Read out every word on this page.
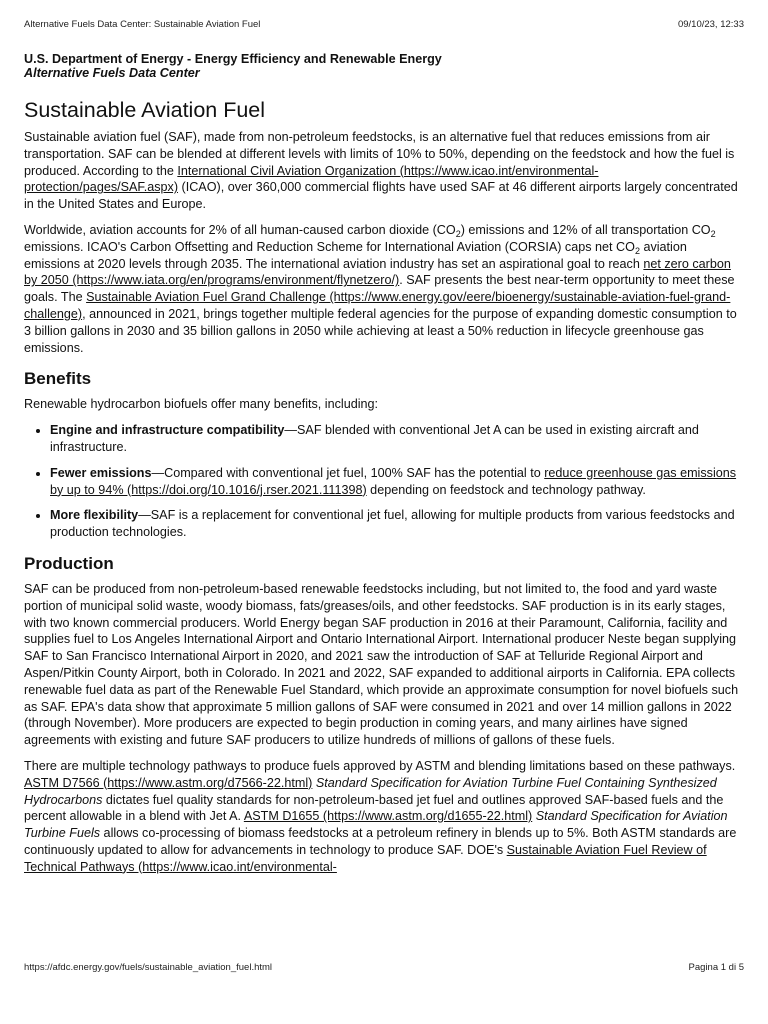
Alternative Fuels Data Center: Sustainable Aviation Fuel	09/10/23, 12:33
U.S. Department of Energy - Energy Efficiency and Renewable Energy
Alternative Fuels Data Center
Sustainable Aviation Fuel

Sustainable aviation fuel (SAF), made from non-petroleum feedstocks, is an alternative fuel that reduces emissions from air transportation. SAF can be blended at different levels with limits of 10% to 50%, depending on the feedstock and how the fuel is produced. According to the International Civil Aviation Organization (https://www.icao.int/environmental-protection/pages/SAF.aspx) (ICAO), over 360,000 commercial flights have used SAF at 46 different airports largely concentrated in the United States and Europe.

Worldwide, aviation accounts for 2% of all human-caused carbon dioxide $(CO_2)$ emissions and 12% of all transportation $CO_2$ emissions. ICAO's Carbon Offsetting and Reduction Scheme for International Aviation (CORSIA) caps net $CO_2$ aviation emissions at 2020 levels through 2035. The international aviation industry has set an aspirational goal to reach net zero carbon by 2050 (https://www.iata.org/en/programs/environment/flynetzero/). SAF presents the best near-term opportunity to meet these goals. The Sustainable Aviation Fuel Grand Challenge (https://www.energy.gov/eere/bioenergy/sustainable-aviation-fuel-grand-challenge), announced in 2021, brings together multiple federal agencies for the purpose of expanding domestic consumption to 3 billion gallons in 2030 and 35 billion gallons in 2050 while achieving at least a 50% reduction in lifecycle greenhouse gas emissions.

Benefits

Renewable hydrocarbon biofuels offer many benefits, including:

• Engine and infrastructure compatibility—SAF blended with conventional Jet A can be used in existing aircraft and infrastructure.
• Fewer emissions—Compared with conventional jet fuel, 100% SAF has the potential to reduce greenhouse gas emissions by up to 94% (https://doi.org/10.1016/j.rser.2021.111398) depending on feedstock and technology pathway.
• More flexibility—SAF is a replacement for conventional jet fuel, allowing for multiple products from various feedstocks and production technologies.
Production

SAF can be produced from non-petroleum-based renewable feedstocks including, but not limited to, the food and yard waste portion of municipal solid waste, woody biomass, fats/greases/oils, and other feedstocks. SAF production is in its early stages, with two known commercial producers. World Energy began SAF production in 2016 at their Paramount, California, facility and supplies fuel to Los Angeles International Airport and Ontario International Airport. International producer Neste began supplying SAF to San Francisco International Airport in 2020, and 2021 saw the introduction of SAF at Telluride Regional Airport and Aspen/Pitkin County Airport, both in Colorado. In 2021 and 2022, SAF expanded to additional airports in California. EPA collects renewable fuel data as part of the Renewable Fuel Standard, which provide an approximate consumption for novel biofuels such as SAF. EPA's data show that approximate 5 million gallons of SAF were consumed in 2021 and over 14 million gallons in 2022 (through November). More producers are expected to begin production in coming years, and many airlines have signed agreements with existing and future SAF producers to utilize hundreds of millions of gallons of these fuels.

There are multiple technology pathways to produce fuels approved by ASTM and blending limitations based on these pathways. ASTM D7566 (https://www.astm.org/d7566-22.html) Standard Specification for Aviation Turbine Fuel Containing Synthesized Hydrocarbons dictates fuel quality standards for non-petroleum-based jet fuel and outlines approved SAF-based fuels and the percent allowable in a blend with Jet A. ASTM D1655 (https://www.astm.org/d1655-22.html) Standard Specification for Aviation Turbine Fuels allows co-processing of biomass feedstocks at a petroleum refinery in blends up to 5%. Both ASTM standards are continuously updated to allow for advancements in technology to produce SAF. DOE's Sustainable Aviation Fuel Review of Technical Pathways (https://www.icao.int/environmental-

https://afdc.energy.gov/fuels/sustainable_aviation_fuel.html	Pagina 1 di 5
